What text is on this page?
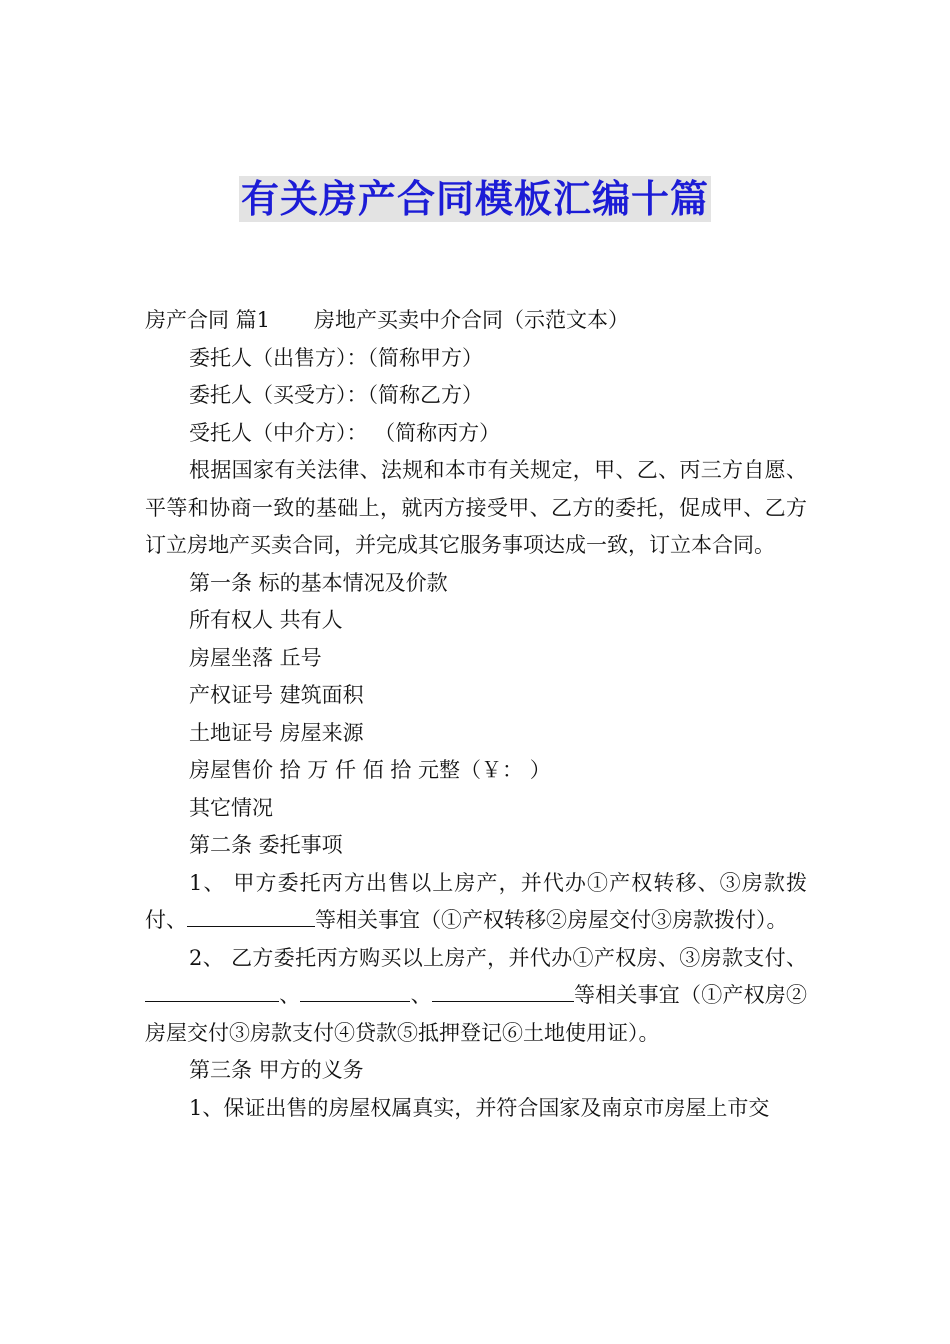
有关房产合同模板汇编十篇

房产合同 篇1 房地产买卖中介合同（示范文本）

委托人（出售方）：（简称甲方）

委托人（买受方）：（简称乙方）

受托人（中介方）： （简称丙方）

根据国家有关法律、法规和本市有关规定，甲、乙、丙三方自愿、平等和协商一致的基础上，就丙方接受甲、乙方的委托，促成甲、乙方订立房地产买卖合同，并完成其它服务事项达成一致，订立本合同。

第一条 标的基本情况及价款

所有权人 共有人

房屋坐落 丘号

产权证号 建筑面积

土地证号 房屋来源

房屋售价 拾 万 仟 佰 拾 元整（￥： ）

其它情况

第二条 委托事项

1、 甲方委托丙方出售以上房产，并代办①产权转移、③房款拨付、	等相关事宜（①产权转移②房屋交付③房款拨付）。

2、 乙方委托丙方购买以上房产，并代办①产权房、③房款支付、、	、	等相关事宜（①产权房②房屋交付③房款支付④贷款⑤抵押登记⑥土地使用证）。

第三条 甲方的义务

1、保证出售的房屋权属真实，并符合国家及南京市房屋上市交
